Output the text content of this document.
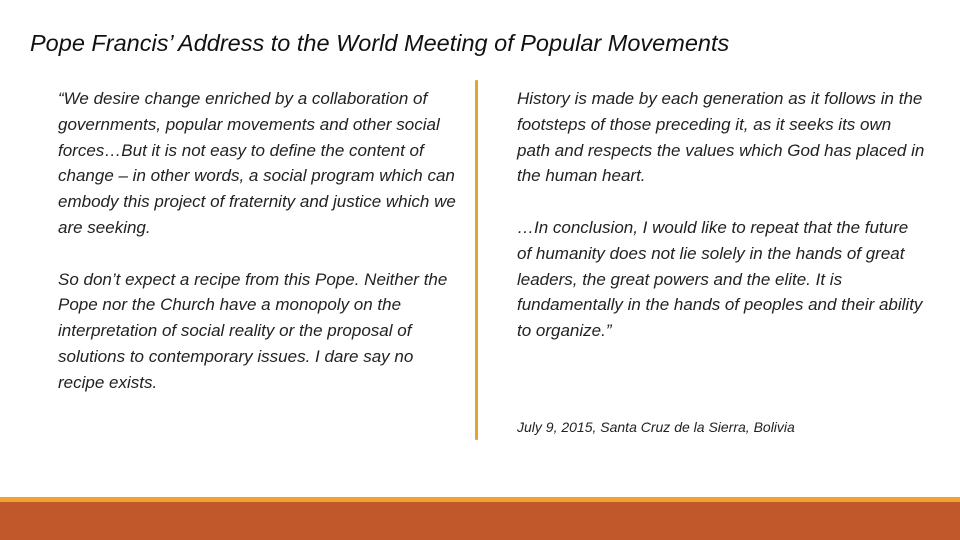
Pope Francis’ Address to the World Meeting of Popular Movements

“We desire change enriched by a collaboration of governments, popular movements and other social forces…But it is not easy to define the content of change – in other words, a social program which can embody this project of fraternity and justice which we are seeking.

So don’t expect a recipe from this Pope. Neither the Pope nor the Church have a monopoly on the interpretation of social reality or the proposal of solutions to contemporary issues. I dare say no recipe exists.

History is made by each generation as it follows in the footsteps of those preceding it, as it seeks its own path and respects the values which God has placed in the human heart.

…In conclusion, I would like to repeat that the future of humanity does not lie solely in the hands of great leaders, the great powers and the elite. It is fundamentally in the hands of peoples and their ability to organize.”

July 9, 2015, Santa Cruz de la Sierra, Bolivia
